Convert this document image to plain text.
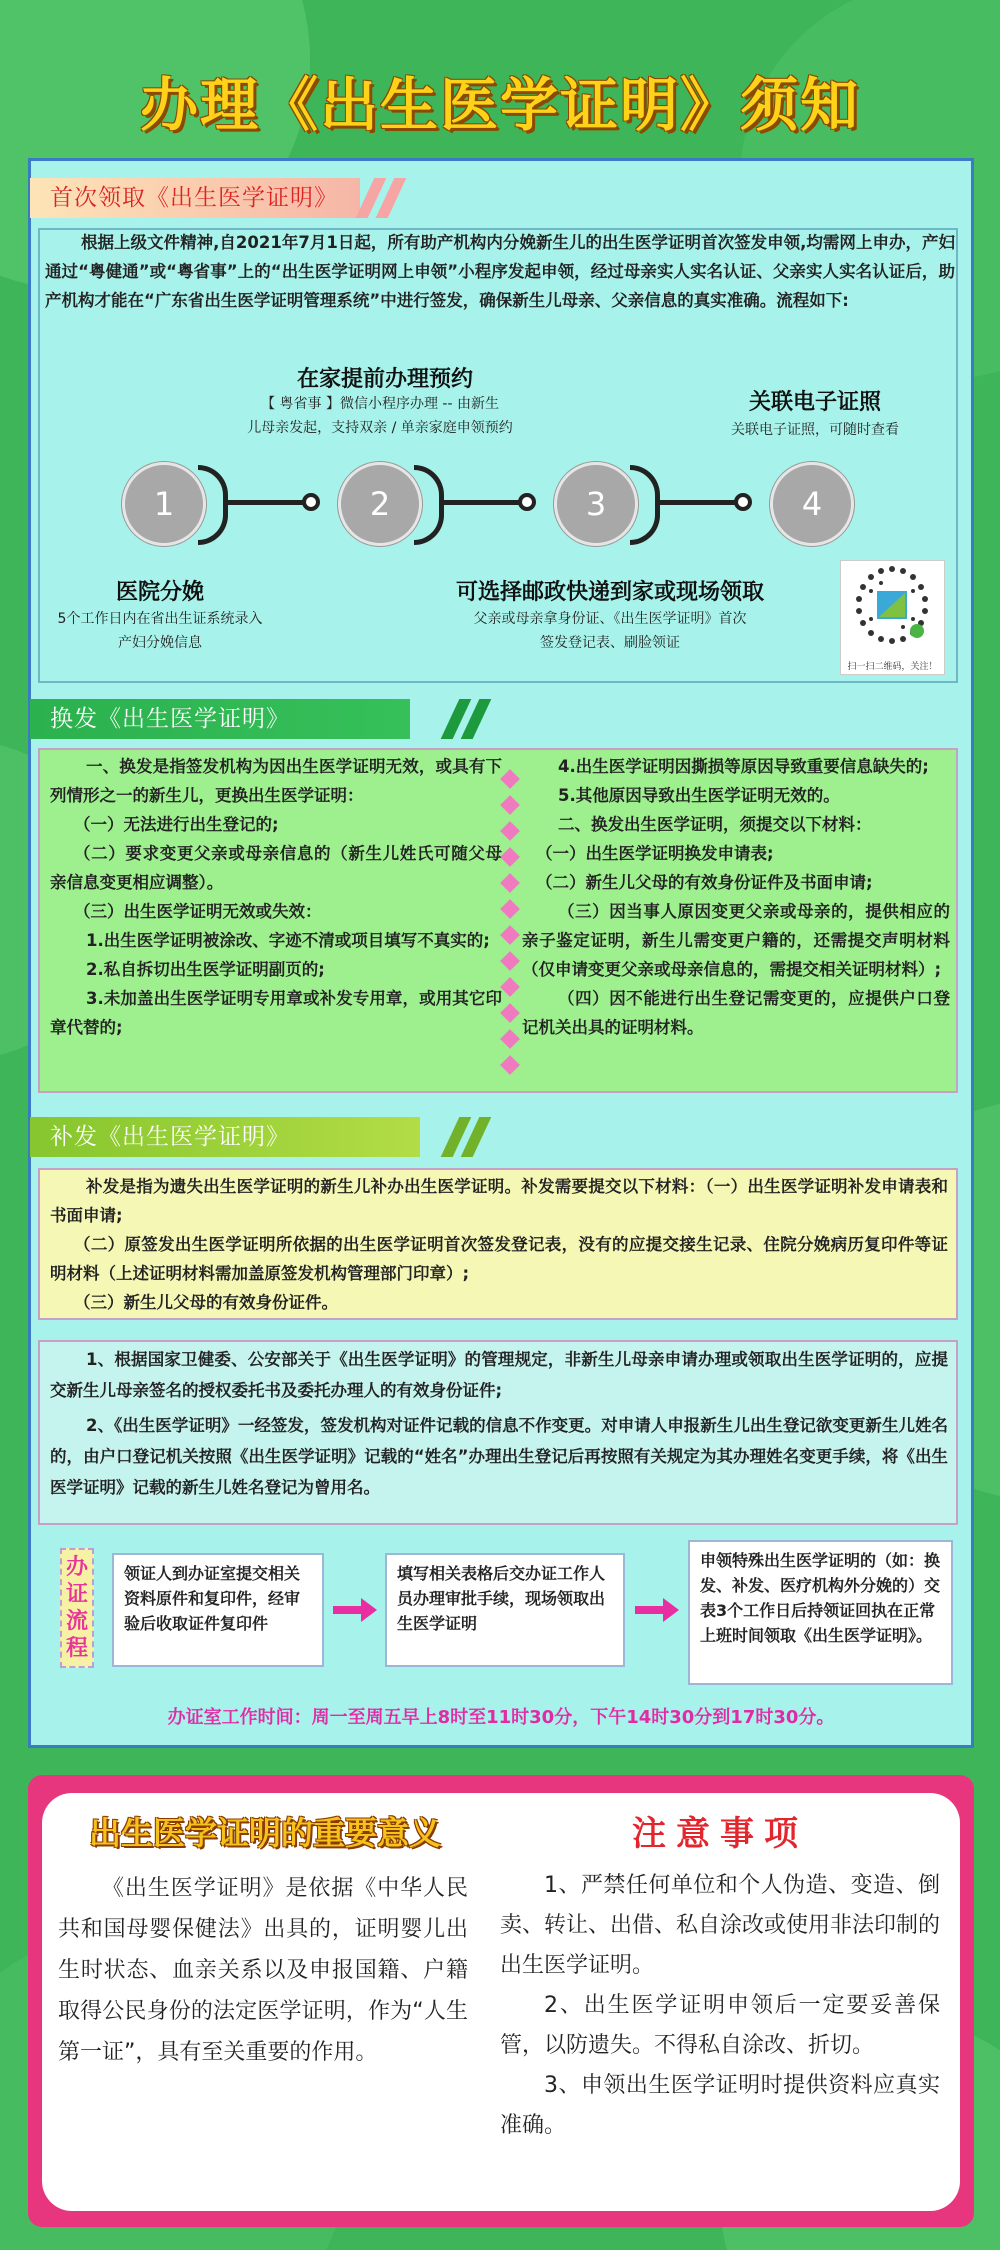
办理《出生医学证明》须知
首次领取《出生医学证明》
根据上级文件精神,自2021年7月1日起，所有助产机构内分娩新生儿的出生医学证明首次签发申领,均需网上申办，产妇通过“粤健通”或“粤省事”上的“出生医学证明网上申领”小程序发起申领，经过母亲实人实名认证、父亲实人实名认证后，助产机构才能在“广东省出生医学证明管理系统”中进行签发，确保新生儿母亲、父亲信息的真实准确。流程如下:
在家提前办理预约
【 粤省事 】微信小程序办理 -- 由新生
儿母亲发起，支持双亲 / 单亲家庭申领预约
关联电子证照
关联电子证照，可随时查看
1	2	3	4
医院分娩
5个工作日内在省出生证系统录入
产妇分娩信息
可选择邮政快递到家或现场领取
父亲或母亲拿身份证、《出生医学证明》首次
签发登记表、刷脸领证
扫一扫二维码，关注！
换发《出生医学证明》
一、换发是指签发机构为因出生医学证明无效，或具有下列情形之一的新生儿，更换出生医学证明：
（一）无法进行出生登记的;
（二）要求变更父亲或母亲信息的（新生儿姓氏可随父母亲信息变更相应调整）。
（三）出生医学证明无效或失效：
1.出生医学证明被涂改、字迹不清或项目填写不真实的;
2.私自拆切出生医学证明副页的;
3.未加盖出生医学证明专用章或补发专用章，或用其它印章代替的;
4.出生医学证明因撕损等原因导致重要信息缺失的;
5.其他原因导致出生医学证明无效的。
二、换发出生医学证明，须提交以下材料：
（一）出生医学证明换发申请表;
（二）新生儿父母的有效身份证件及书面申请;
（三）因当事人原因变更父亲或母亲的，提供相应的亲子鉴定证明，新生儿需变更户籍的，还需提交声明材料（仅申请变更父亲或母亲信息的，需提交相关证明材料）;
（四）因不能进行出生登记需变更的，应提供户口登记机关出具的证明材料。
补发《出生医学证明》
补发是指为遗失出生医学证明的新生儿补办出生医学证明。补发需要提交以下材料：（一）出生医学证明补发申请表和书面申请;
（二）原签发出生医学证明所依据的出生医学证明首次签发登记表，没有的应提交接生记录、住院分娩病历复印件等证明材料（上述证明材料需加盖原签发机构管理部门印章）;
（三）新生儿父母的有效身份证件。
1、根据国家卫健委、公安部关于《出生医学证明》的管理规定，非新生儿母亲申请办理或领取出生医学证明的，应提交新生儿母亲签名的授权委托书及委托办理人的有效身份证件;
2、《出生医学证明》一经签发，签发机构对证件记载的信息不作变更。对申请人申报新生儿出生登记欲变更新生儿姓名的，由户口登记机关按照《出生医学证明》记载的“姓名”办理出生登记后再按照有关规定为其办理姓名变更手续，将《出生医学证明》记载的新生儿姓名登记为曾用名。
办证流程
领证人到办证室提交相关资料原件和复印件，经审验后收取证件复印件
填写相关表格后交办证工作人员办理审批手续，现场领取出生医学证明
申领特殊出生医学证明的（如：换发、补发、医疗机构外分娩的）交表3个工作日后持领证回执在正常上班时间领取《出生医学证明》。
办证室工作时间：周一至周五早上8时至11时30分，下午14时30分到17时30分。
出生医学证明的重要意义
《出生医学证明》是依据《中华人民共和国母婴保健法》出具的，证明婴儿出生时状态、血亲关系以及申报国籍、户籍取得公民身份的法定医学证明，作为“人生第一证”，具有至关重要的作用。
注意事项

1、严禁任何单位和个人伪造、变造、倒卖、转让、出借、私自涂改或使用非法印制的出生医学证明。

2、出生医学证明申领后一定要妥善保管，以防遗失。不得私自涂改、折切。

3、申领出生医学证明时提供资料应真实准确。
